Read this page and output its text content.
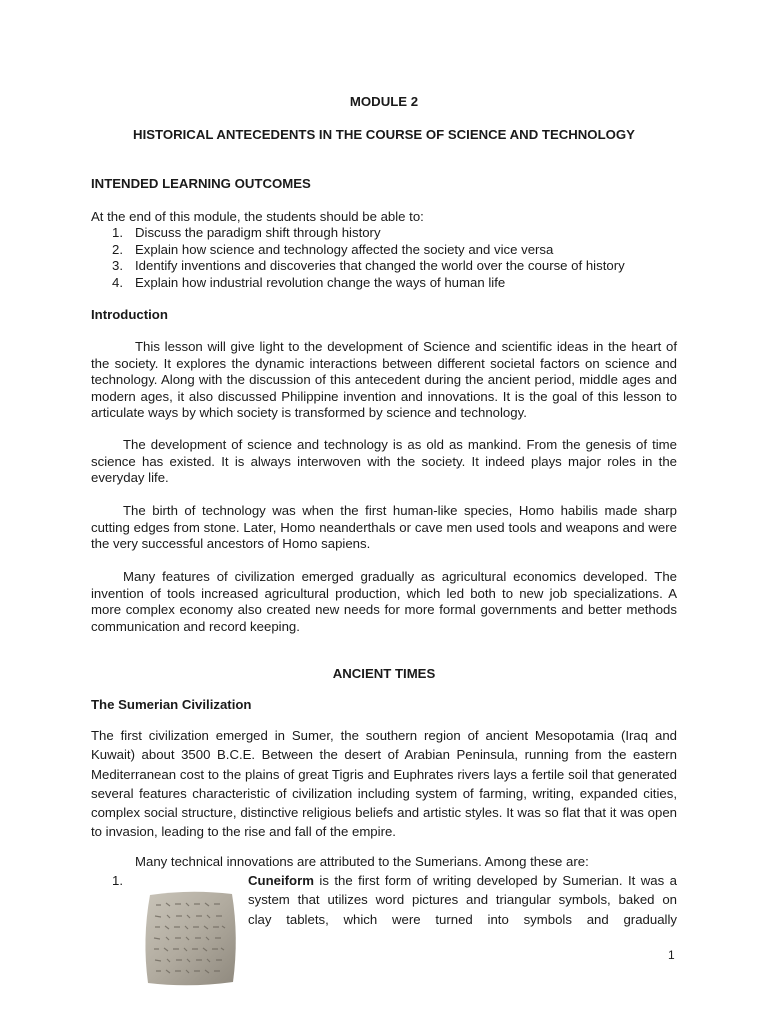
MODULE 2
HISTORICAL ANTECEDENTS IN THE COURSE OF SCIENCE AND TECHNOLOGY
INTENDED LEARNING OUTCOMES
At the end of this module, the students should be able to:
1. Discuss the paradigm shift through history
2. Explain how science and technology affected the society and vice versa
3. Identify inventions and discoveries that changed the world over the course of history
4. Explain how industrial revolution change the ways of human life
Introduction
This lesson will give light to the development of Science and scientific ideas in the heart of the society. It explores the dynamic interactions between different societal factors on science and technology. Along with the discussion of this antecedent during the ancient period, middle ages and modern ages, it also discussed Philippine invention and innovations. It is the goal of this lesson to articulate ways by which society is transformed by science and technology.
The development of science and technology is as old as mankind. From the genesis of time science has existed. It is always interwoven with the society. It indeed plays major roles in the everyday life.
The birth of technology was when the first human-like species, Homo habilis made sharp cutting edges from stone. Later, Homo neanderthals or cave men used tools and weapons and were the very successful ancestors of Homo sapiens.
Many features of civilization emerged gradually as agricultural economics developed. The invention of tools increased agricultural production, which led both to new job specializations. A more complex economy also created new needs for more formal governments and better methods communication and record keeping.
ANCIENT TIMES
The Sumerian Civilization
The first civilization emerged in Sumer, the southern region of ancient Mesopotamia (Iraq and Kuwait) about 3500 B.C.E. Between the desert of Arabian Peninsula, running from the eastern Mediterranean cost to the plains of great Tigris and Euphrates rivers lays a fertile soil that generated several features characteristic of civilization including system of farming, writing, expanded cities, complex social structure, distinctive religious beliefs and artistic styles. It was so flat that it was open to invasion, leading to the rise and fall of the empire.
Many technical innovations are attributed to the Sumerians. Among these are:
1.	Cuneiform is the first form of writing developed by Sumerian. It was a
system that utilizes word pictures and triangular symbols, baked on
clay tablets, which were turned into symbols and gradually
1
